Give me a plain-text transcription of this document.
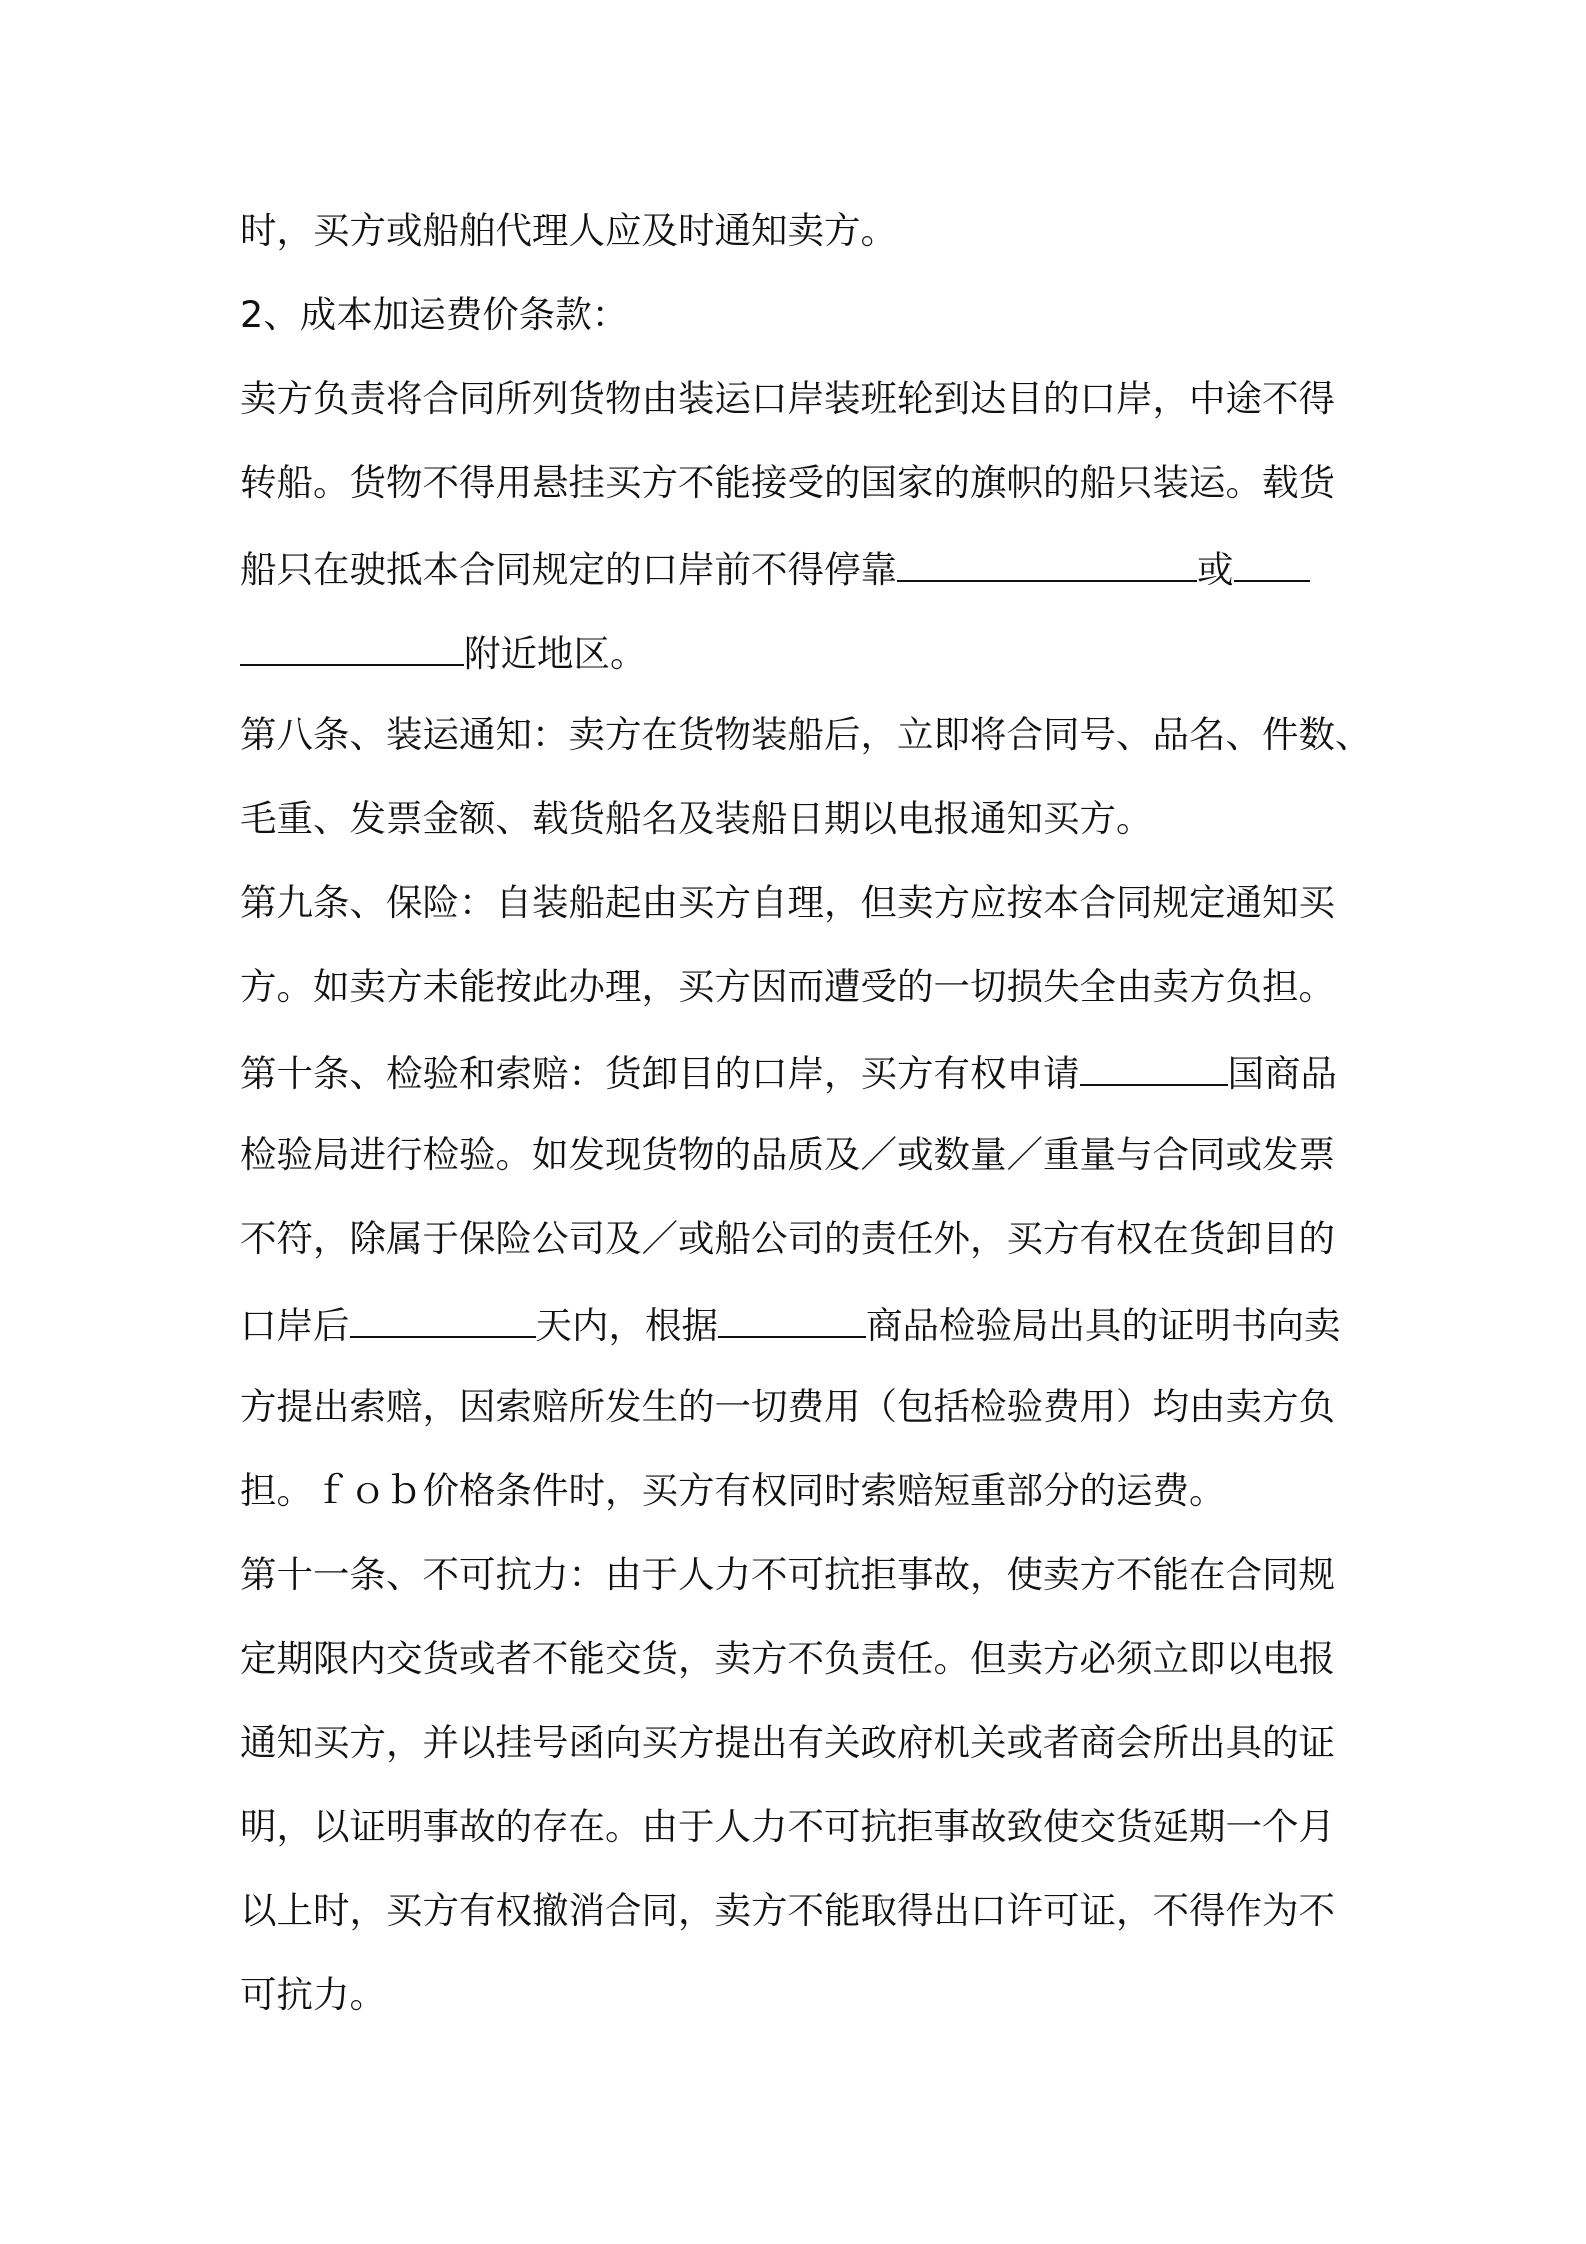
时，买方或船舶代理人应及时通知卖方。
2、成本加运费价条款：
卖方负责将合同所列货物由装运口岸装班轮到达目的口岸，中途不得
转船。货物不得用悬挂买方不能接受的国家的旗帜的船只装运。载货
船只在驶抵本合同规定的口岸前不得停靠	或
附近地区。
第八条、装运通知：卖方在货物装船后，立即将合同号、品名、件数、
毛重、发票金额、载货船名及装船日期以电报通知买方。
第九条、保险：自装船起由买方自理，但卖方应按本合同规定通知买
方。如卖方未能按此办理，买方因而遭受的一切损失全由卖方负担。
第十条、检验和索赔：货卸目的口岸，买方有权申请	国商品
检验局进行检验。如发现货物的品质及／或数量／重量与合同或发票
不符，除属于保险公司及／或船公司的责任外，买方有权在货卸目的
口岸后	天内，根据	商品检验局出具的证明书向卖
方提出索赔，因索赔所发生的一切费用（包括检验费用）均由卖方负
担。ｆｏｂ价格条件时，买方有权同时索赔短重部分的运费。
第十一条、不可抗力：由于人力不可抗拒事故，使卖方不能在合同规
定期限内交货或者不能交货，卖方不负责任。但卖方必须立即以电报
通知买方，并以挂号函向买方提出有关政府机关或者商会所出具的证
明，以证明事故的存在。由于人力不可抗拒事故致使交货延期一个月
以上时，买方有权撤消合同，卖方不能取得出口许可证，不得作为不
可抗力。
